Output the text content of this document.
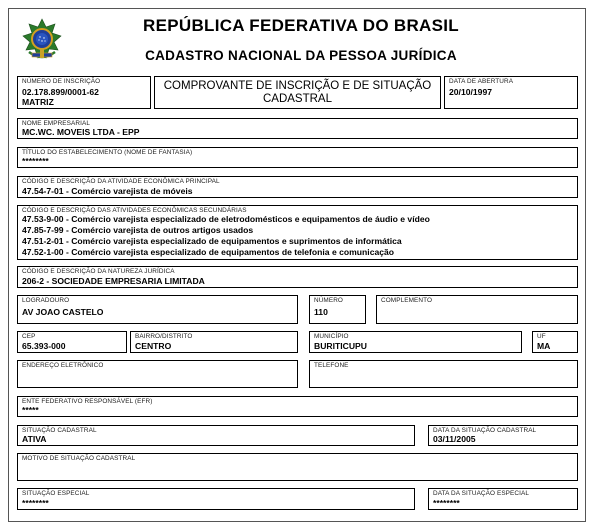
REPÚBLICA FEDERATIVA DO BRASIL
CADASTRO NACIONAL DA PESSOA JURÍDICA
NÚMERO DE INSCRIÇÃO
02.178.899/0001-62
MATRIZ
COMPROVANTE DE INSCRIÇÃO E DE SITUAÇÃO
CADASTRAL
DATA DE ABERTURA
20/10/1997
NOME EMPRESARIAL
MC.WC. MOVEIS LTDA - EPP
TÍTULO DO ESTABELECIMENTO (NOME DE FANTASIA)
********
CÓDIGO E DESCRIÇÃO DA ATIVIDADE ECONÔMICA PRINCIPAL
47.54-7-01 - Comércio varejista de móveis
CÓDIGO E DESCRIÇÃO DAS ATIVIDADES ECONÔMICAS SECUNDÁRIAS
47.53-9-00 - Comércio varejista especializado de eletrodomésticos e equipamentos de áudio e vídeo
47.85-7-99 - Comércio varejista de outros artigos usados
47.51-2-01 - Comércio varejista especializado de equipamentos e suprimentos de informática
47.52-1-00 - Comércio varejista especializado de equipamentos de telefonia e comunicação
CÓDIGO E DESCRIÇÃO DA NATUREZA JURÍDICA
206-2 - SOCIEDADE EMPRESARIA LIMITADA
LOGRADOURO
AV JOAO CASTELO
NÚMERO
110
COMPLEMENTO
CEP
65.393-000
BAIRRO/DISTRITO
CENTRO
MUNICÍPIO
BURITICUPU
UF
MA
ENDEREÇO ELETRÔNICO	TELEFONE
ENTE FEDERATIVO RESPONSÁVEL (EFR)
*****
SITUAÇÃO CADASTRAL
ATIVA
DATA DA SITUAÇÃO CADASTRAL
03/11/2005
MOTIVO DE SITUAÇÃO CADASTRAL
SITUAÇÃO ESPECIAL
********
DATA DA SITUAÇÃO ESPECIAL
********
